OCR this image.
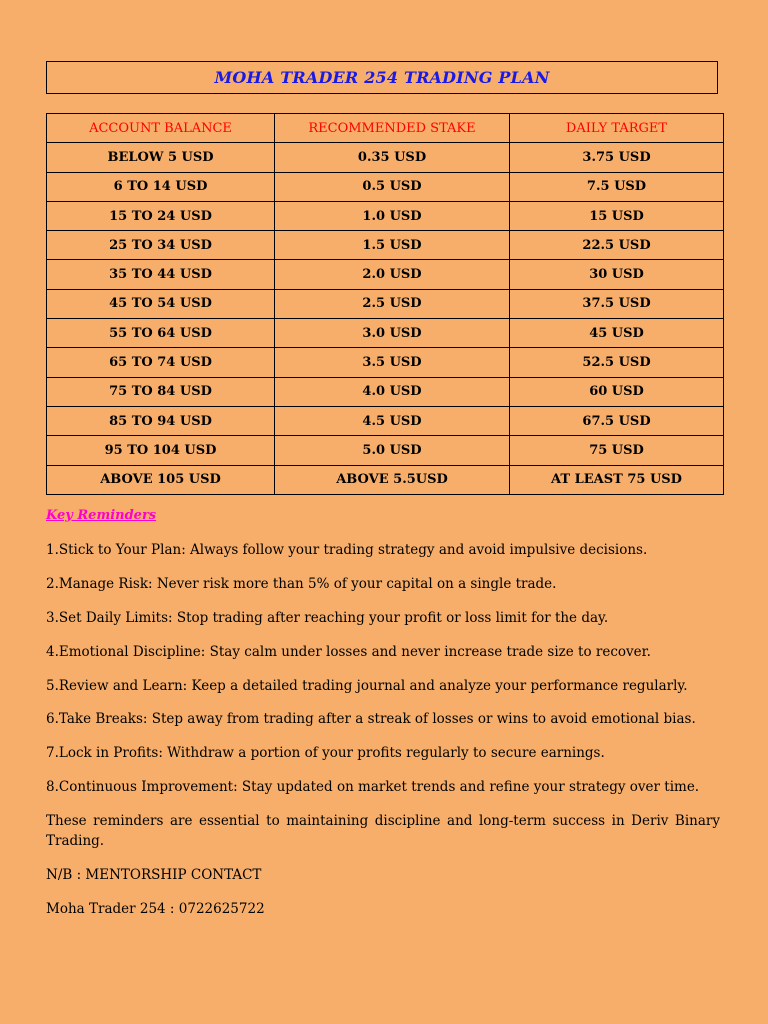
MOHA TRADER 254 TRADING PLAN
ACCOUNT BALANCE	RECOMMENDED STAKE	DAILY TARGET
BELOW 5 USD	0.35 USD	3.75 USD
6 TO 14 USD	0.5 USD	7.5 USD
15 TO 24 USD	1.0 USD	15 USD
25 TO 34 USD	1.5 USD	22.5 USD
35 TO 44 USD	2.0 USD	30 USD
45 TO 54 USD	2.5 USD	37.5 USD
55 TO 64 USD	3.0 USD	45 USD
65 TO 74 USD	3.5 USD	52.5 USD
75 TO 84 USD	4.0 USD	60 USD
85 TO 94 USD	4.5 USD	67.5 USD
95 TO 104 USD	5.0 USD	75 USD
ABOVE 105 USD	ABOVE 5.5USD	AT LEAST 75 USD
Key Reminders
1.Stick to Your Plan: Always follow your trading strategy and avoid impulsive decisions.
2.Manage Risk: Never risk more than 5% of your capital on a single trade.
3.Set Daily Limits: Stop trading after reaching your profit or loss limit for the day.
4.Emotional Discipline: Stay calm under losses and never increase trade size to recover.
5.Review and Learn: Keep a detailed trading journal and analyze your performance regularly.
6.Take Breaks: Step away from trading after a streak of losses or wins to avoid emotional bias.
7.Lock in Profits: Withdraw a portion of your profits regularly to secure earnings.
8.Continuous Improvement: Stay updated on market trends and refine your strategy over time.
These reminders are essential to maintaining discipline and long-term success in Deriv Binary Trading.
N/B : MENTORSHIP CONTACT
Moha Trader 254 : 0722625722
